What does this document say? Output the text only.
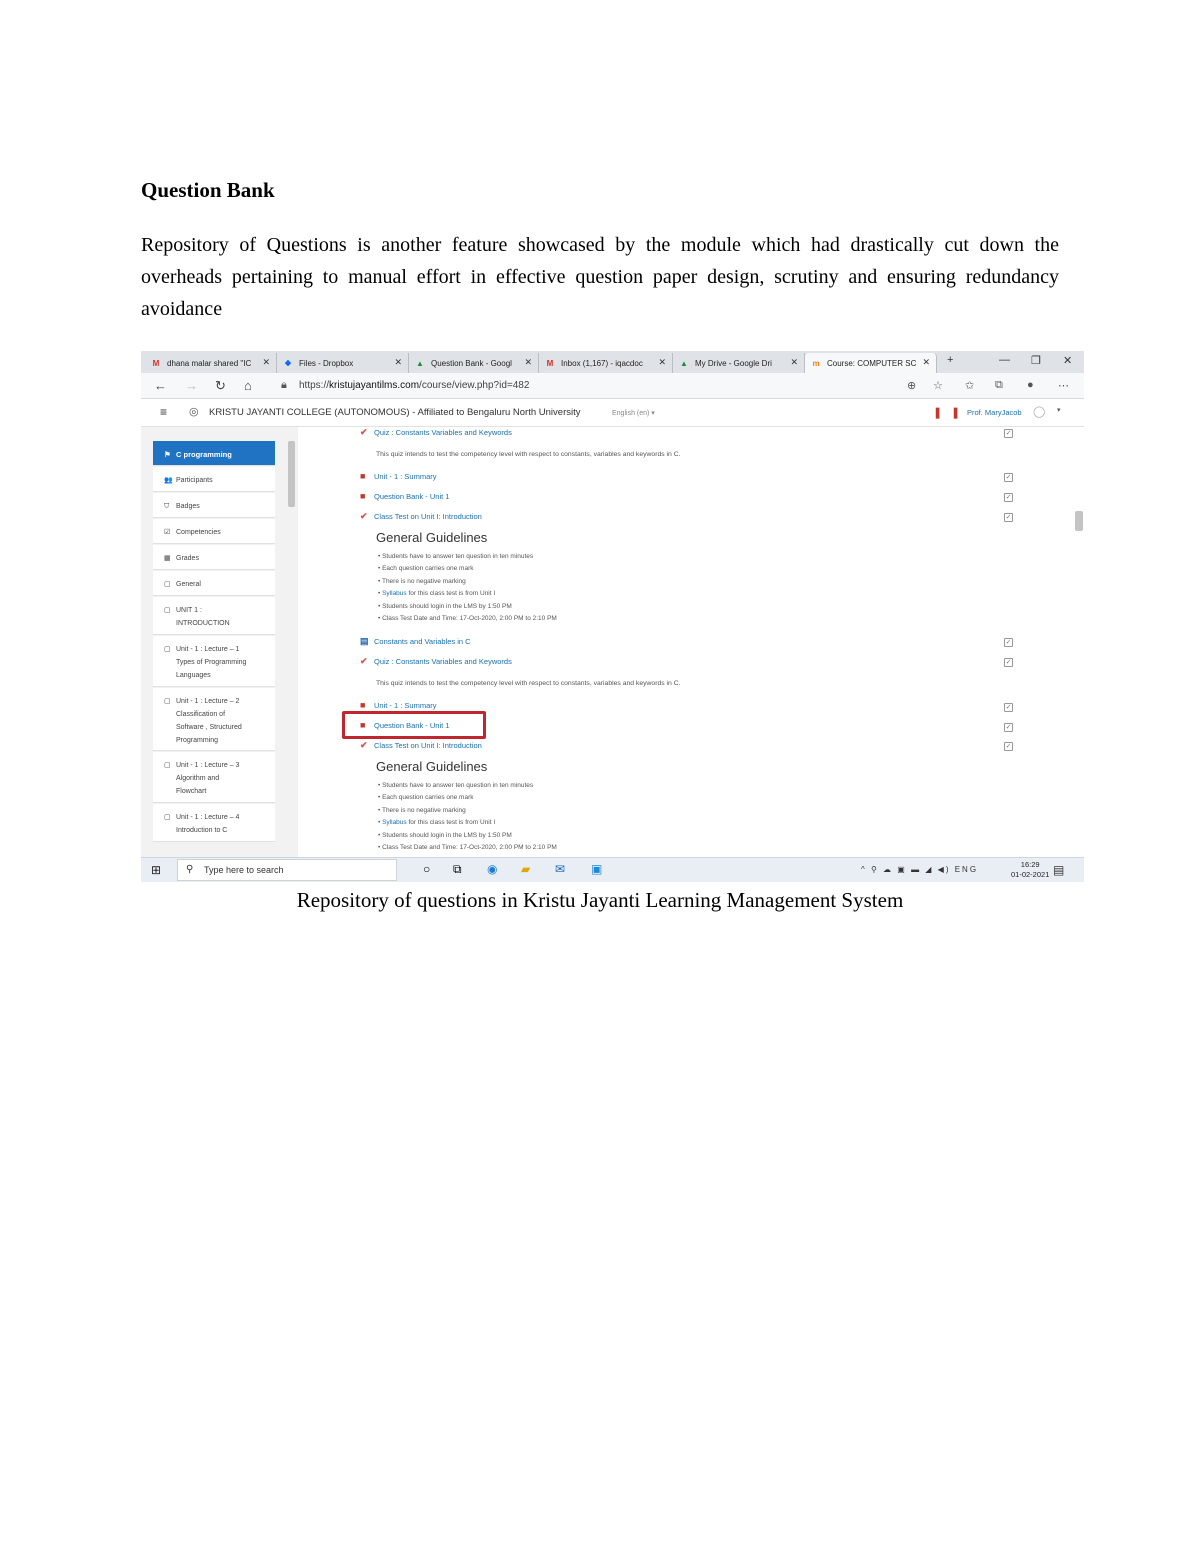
Question Bank
Repository of Questions is another feature showcased by the module which had drastically cut down the overheads pertaining to manual effort in effective question paper design, scrutiny and ensuring redundancy avoidance
+	— ❐ ✕
M dhana malar shared "IC ✕ ❖ Files - Dropbox	✕ ▲ Question Bank - Googl ✕ M Inbox (1,167) - iqacdoc ✕ ▲ My Drive - Google Dri ✕ m Course: COMPUTER SC ✕
← → ↻ ⌂	🔒︎ https://kristujayantilms.com/course/view.php?id=482	⊕ ☆ ✩ ⧉ ● ⋯
≡ ◎ KRISTU JAYANTI COLLEGE (AUTONOMOUS) - Affiliated to Bengaluru North University	English (en) ▾	❚ ❚ Prof. MaryJacob ◯ ▾
⚑ C programming
👥 Participants
⛉ Badges
☑ Competencies
▦ Grades
▢ General
▢ UNIT 1 :
INTRODUCTION
▢ Unit - 1 : Lecture – 1
Types of Programming
Languages
▢ Unit - 1 : Lecture – 2
Classification of
Software , Structured
Programming
▢ Unit - 1 : Lecture – 3
Algorithm and
Flowchart
▢ Unit - 1 : Lecture – 4
Introduction to C
✔ Quiz : Constants Variables and Keywords	✓
This quiz intends to test the competency level with respect to constants, variables and keywords in C.
■ Unit - 1 : Summary	✓
■ Question Bank - Unit 1	✓
✔ Class Test on Unit I: Introduction	✓
General Guidelines
• Students have to answer ten question in ten minutes
• Each question carries one mark
• There is no negative marking
• Syllabus for this class test is from Unit I
• Students should login in the LMS by 1:50 PM
• Class Test Date and Time: 17-Oct-2020, 2:00 PM to 2:10 PM
▤ Constants and Variables in C	✓
✔ Quiz : Constants Variables and Keywords	✓
This quiz intends to test the competency level with respect to constants, variables and keywords in C.
■ Unit - 1 : Summary	✓
■ Question Bank - Unit 1	✓
✔ Class Test on Unit I: Introduction	✓
General Guidelines
• Students have to answer ten question in ten minutes
• Each question carries one mark
• There is no negative marking
• Syllabus for this class test is from Unit I
• Students should login in the LMS by 1:50 PM
• Class Test Date and Time: 17-Oct-2020, 2:00 PM to 2:10 PM
⊞ ⚲ Type here to search	○ ⧉ ◉ ▰ ✉ ▣	^ ⚲ ☁ ▣ ▬ ◢ ◀) ENG
16:29
01-02-2021 ▤
Repository of questions in Kristu Jayanti Learning Management System
